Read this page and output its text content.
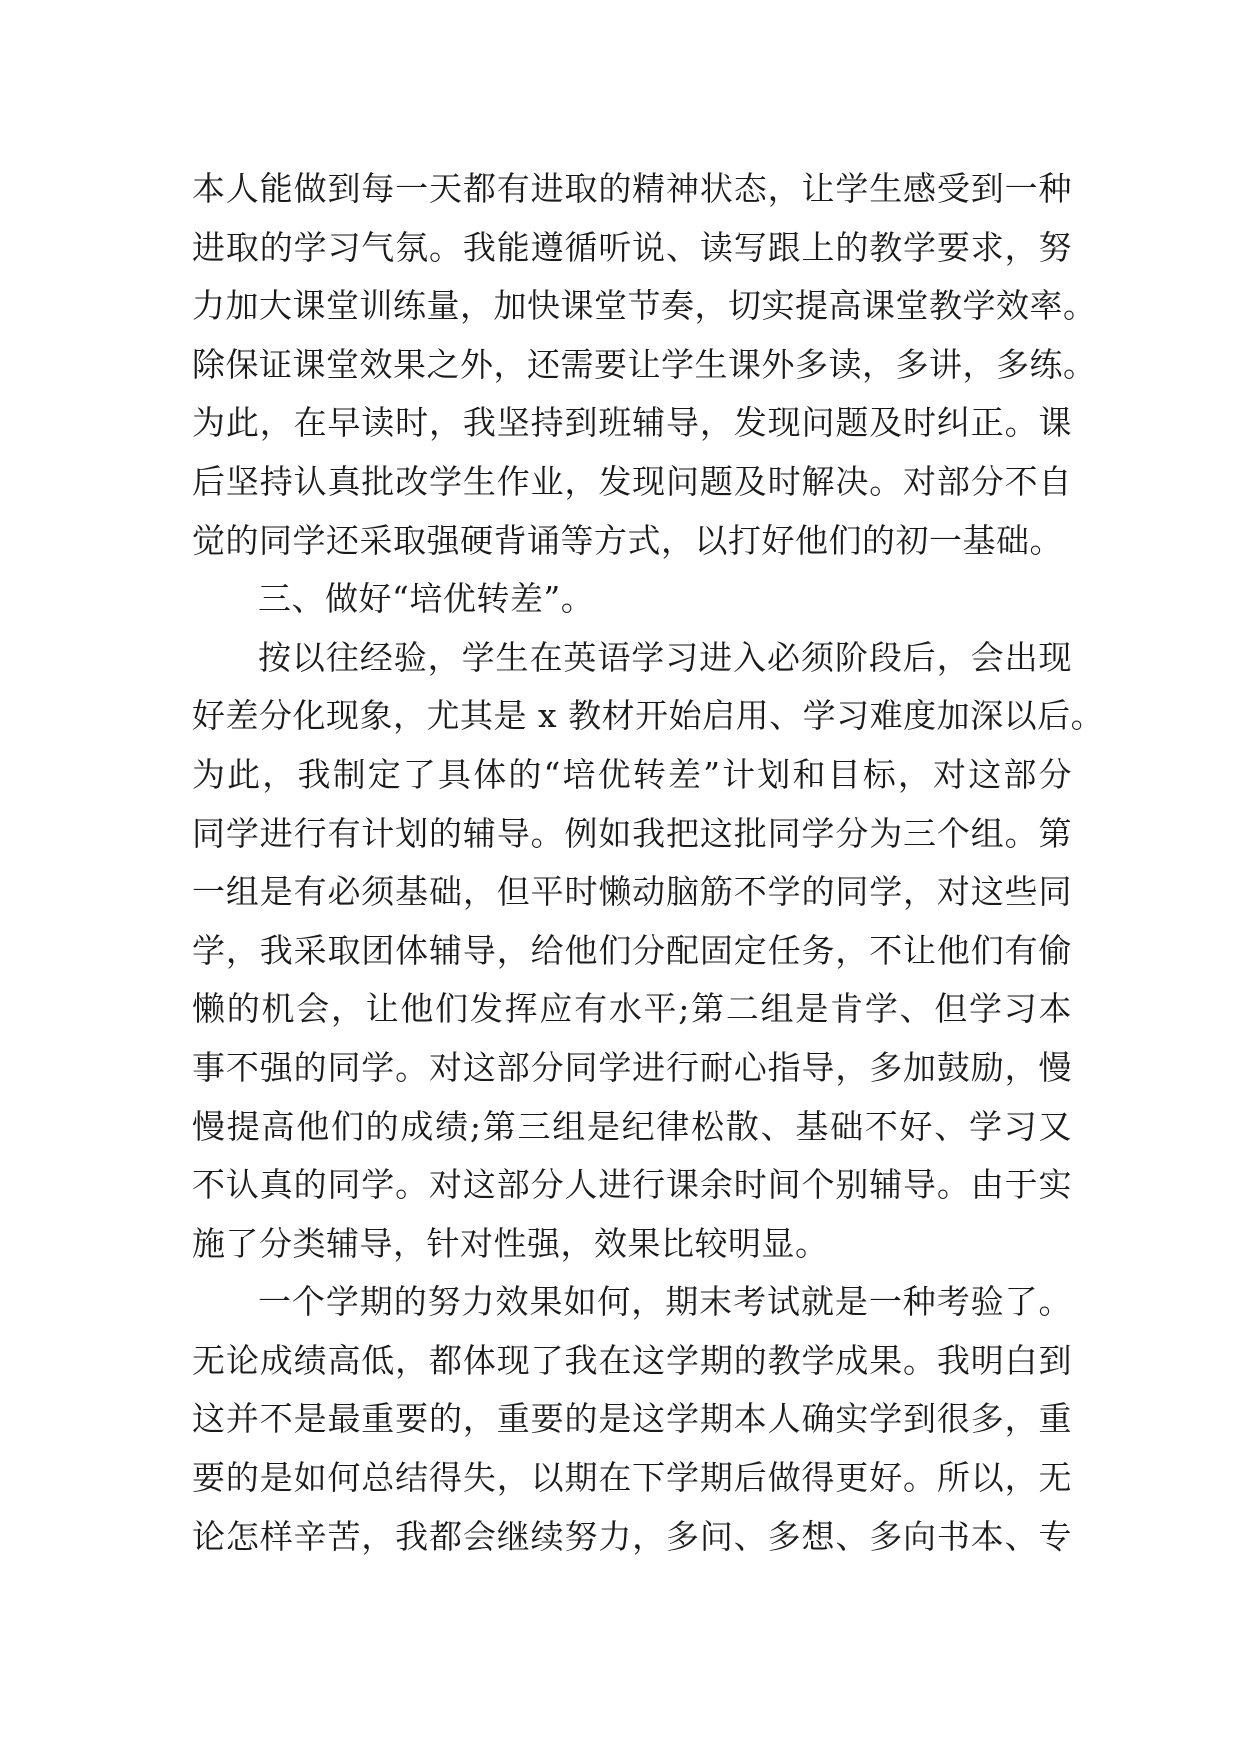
本人能做到每一天都有进取的精神状态，让学生感受到一种
进取的学习气氛。我能遵循听说、读写跟上的教学要求，努
力加大课堂训练量，加快课堂节奏，切实提高课堂教学效率。
除保证课堂效果之外，还需要让学生课外多读，多讲，多练。
为此，在早读时，我坚持到班辅导，发现问题及时纠正。课
后坚持认真批改学生作业，发现问题及时解决。对部分不自
觉的同学还采取强硬背诵等方式，以打好他们的初一基础。
三、做好“培优转差”。
按以往经验，学生在英语学习进入必须阶段后，会出现
好差分化现象，尤其是 x 教材开始启用、学习难度加深以后。
为此，我制定了具体的“培优转差”计划和目标，对这部分
同学进行有计划的辅导。例如我把这批同学分为三个组。第
一组是有必须基础，但平时懒动脑筋不学的同学，对这些同
学，我采取团体辅导，给他们分配固定任务，不让他们有偷
懒的机会，让他们发挥应有水平;第二组是肯学、但学习本
事不强的同学。对这部分同学进行耐心指导，多加鼓励，慢
慢提高他们的成绩;第三组是纪律松散、基础不好、学习又
不认真的同学。对这部分人进行课余时间个别辅导。由于实
施了分类辅导，针对性强，效果比较明显。
一个学期的努力效果如何，期末考试就是一种考验了。
无论成绩高低，都体现了我在这学期的教学成果。我明白到
这并不是最重要的，重要的是这学期本人确实学到很多，重
要的是如何总结得失，以期在下学期后做得更好。所以，无
论怎样辛苦，我都会继续努力，多问、多想、多向书本、专
